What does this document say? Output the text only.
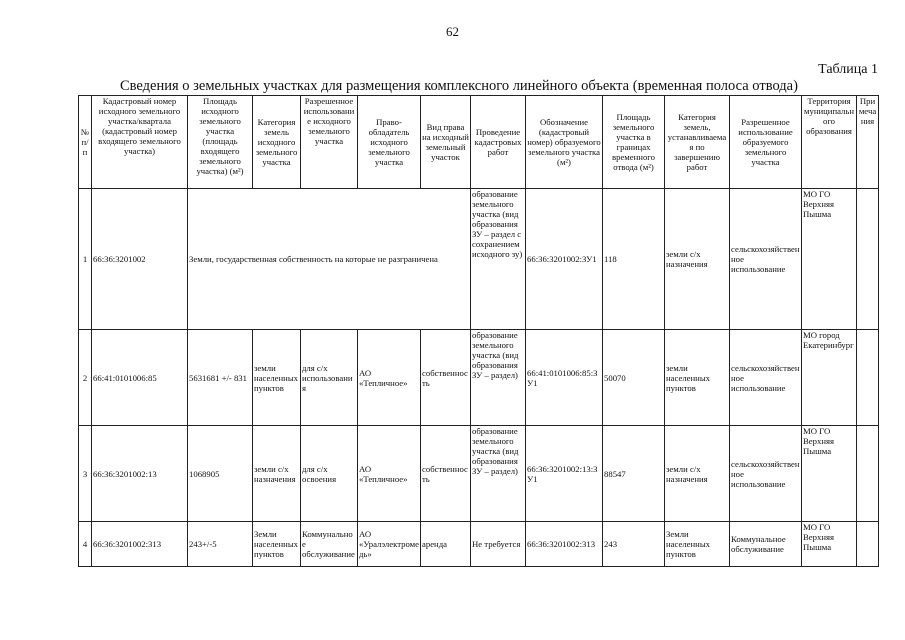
62
Таблица 1
Сведения о земельных участках для размещения комплексного линейного объекта (временная полоса отвода)
№ п/п	Кадастровый номер исходного земельного участка/квартала (кадастровый номер входящего земельного участка)	Площадь исходного земельного участка (площадь входящего земельного участка) (м²)	Категория земель исходного земельного участка	Разрешенное использование исходного земельного участка	Право-обладатель исходного земельного участка	Вид права на исходный земельный участок	Проведение кадастровых работ	Обозначение (кадастровый номер) образуемого земельного участка (м²)	Площадь земельного участка в границах временного отвода (м²)	Категория земель, устанавливаемая по завершению работ	Разрешенное использование образуемого земельного участка	Территория муниципального образования	Примечания
1	66:36:3201002	Земли, государственная собственность на которые не разграничена					образование земельного участка (вид образования ЗУ – раздел с сохранением исходного зу)	66:36:3201002:ЗУ1	118	земли с/х назначения	сельскохозяйственное использование	МО ГО Верхняя Пышма	
2	66:41:0101006:85	5631681 +/- 831	земли населенных пунктов	для с/х использования	АО «Тепличное»	собственность	образование земельного участка (вид образования ЗУ – раздел)	66:41:0101006:85:ЗУ1	50070	земли населенных пунктов	сельскохозяйственное использование	МО город Екатеринбург	
3	66:36:3201002:13	1068905	земли с/х назначения	для с/х освоения	АО «Тепличное»	собственность	образование земельного участка (вид образования ЗУ – раздел)	66:36:3201002:13:ЗУ1	88547	земли с/х назначения	сельскохозяйственное использование	МО ГО Верхняя Пышма	
4	66:36:3201002:313	243+/-5	Земли населенных пунктов	Коммунальное обслуживание	АО «Уралэлектромедь»	аренда	Не требуется	66:36:3201002:313	243	Земли населенных пунктов	Коммунальное обслуживание	МО ГО Верхняя Пышма	
